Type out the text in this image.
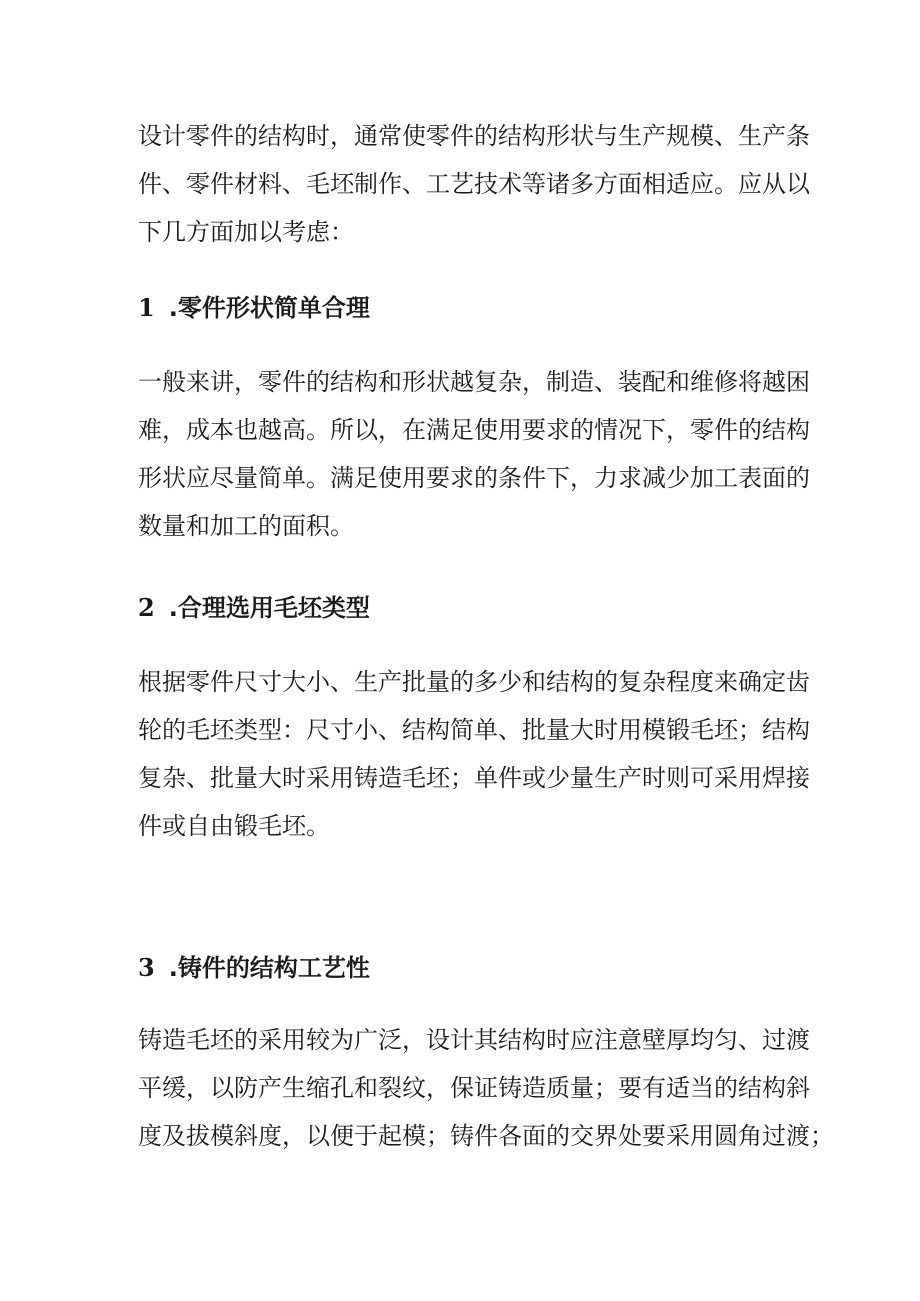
设计零件的结构时，通常使零件的结构形状与生产规模、生产条
件、零件材料、毛坯制作、工艺技术等诸多方面相适应。应从以
下几方面加以考虑：

1 .零件形状简单合理

一般来讲，零件的结构和形状越复杂，制造、装配和维修将越困
难，成本也越高。所以，在满足使用要求的情况下，零件的结构
形状应尽量简单。满足使用要求的条件下，力求减少加工表面的
数量和加工的面积。

2 .合理选用毛坯类型

根据零件尺寸大小、生产批量的多少和结构的复杂程度来确定齿
轮的毛坯类型：尺寸小、结构简单、批量大时用模锻毛坯；结构
复杂、批量大时采用铸造毛坯；单件或少量生产时则可采用焊接
件或自由锻毛坯。

3 .铸件的结构工艺性

铸造毛坯的采用较为广泛，设计其结构时应注意壁厚均匀、过渡
平缓，以防产生缩孔和裂纹，保证铸造质量；要有适当的结构斜
度及拔模斜度，以便于起模；铸件各面的交界处要采用圆角过渡；
